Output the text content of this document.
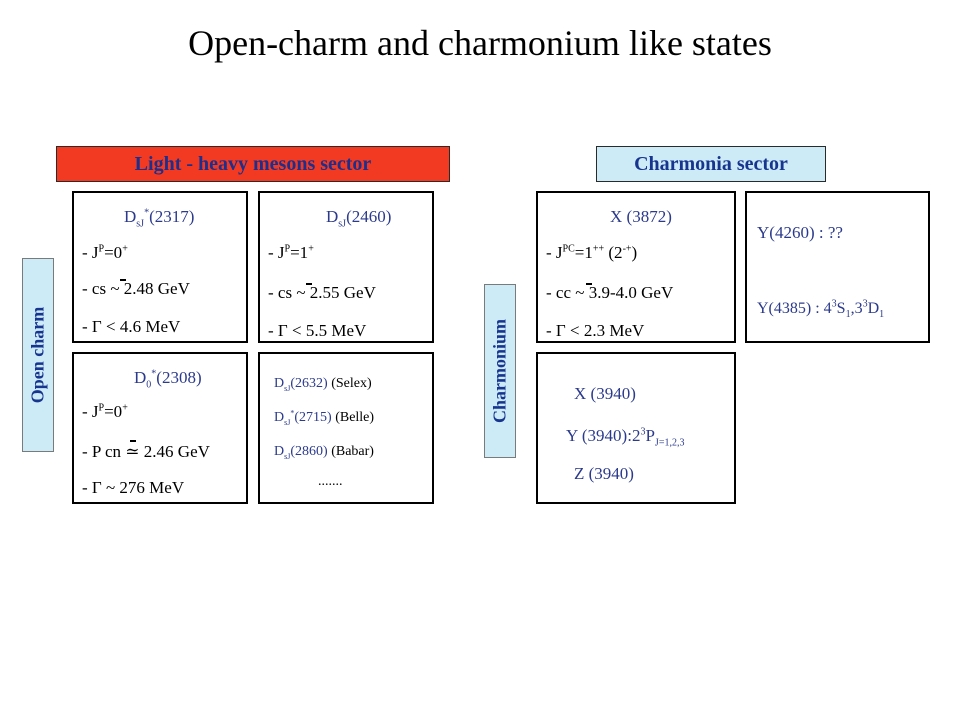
Open-charm and charmonium like states
Light - heavy mesons sector	Charmonia sector
Open charm	Charmonium
$D_{sJ}^*(2317)$
- $J^P=0^+$
- cs ~ 2.48 GeV
- Γ < 4.6 MeV
$D_{sJ}(2460)$
- $J^P=1^+$
- cs ~ 2.55 GeV
- Γ < 5.5 MeV
$D_0^*(2308)$
- $J^P=0^+$
- P cn ≃ 2.46 GeV
- Γ ~ 276 MeV
$D_{sJ}(2632)$ (Selex)
$D_{sJ}^*(2715)$ (Belle)
$D_{sJ}(2860)$ (Babar)
.......
X (3872)
- $J^{PC}=1^{++}$ (2-+)
- cc ~ 3.9-4.0 GeV
- Γ < 2.3 MeV
Y(4260) : ??
Y(4385) : $4^3S_1,3^3D_1$
X (3940)
Y $(3940):2^3P_{J=1,2,3}$
Z (3940)
